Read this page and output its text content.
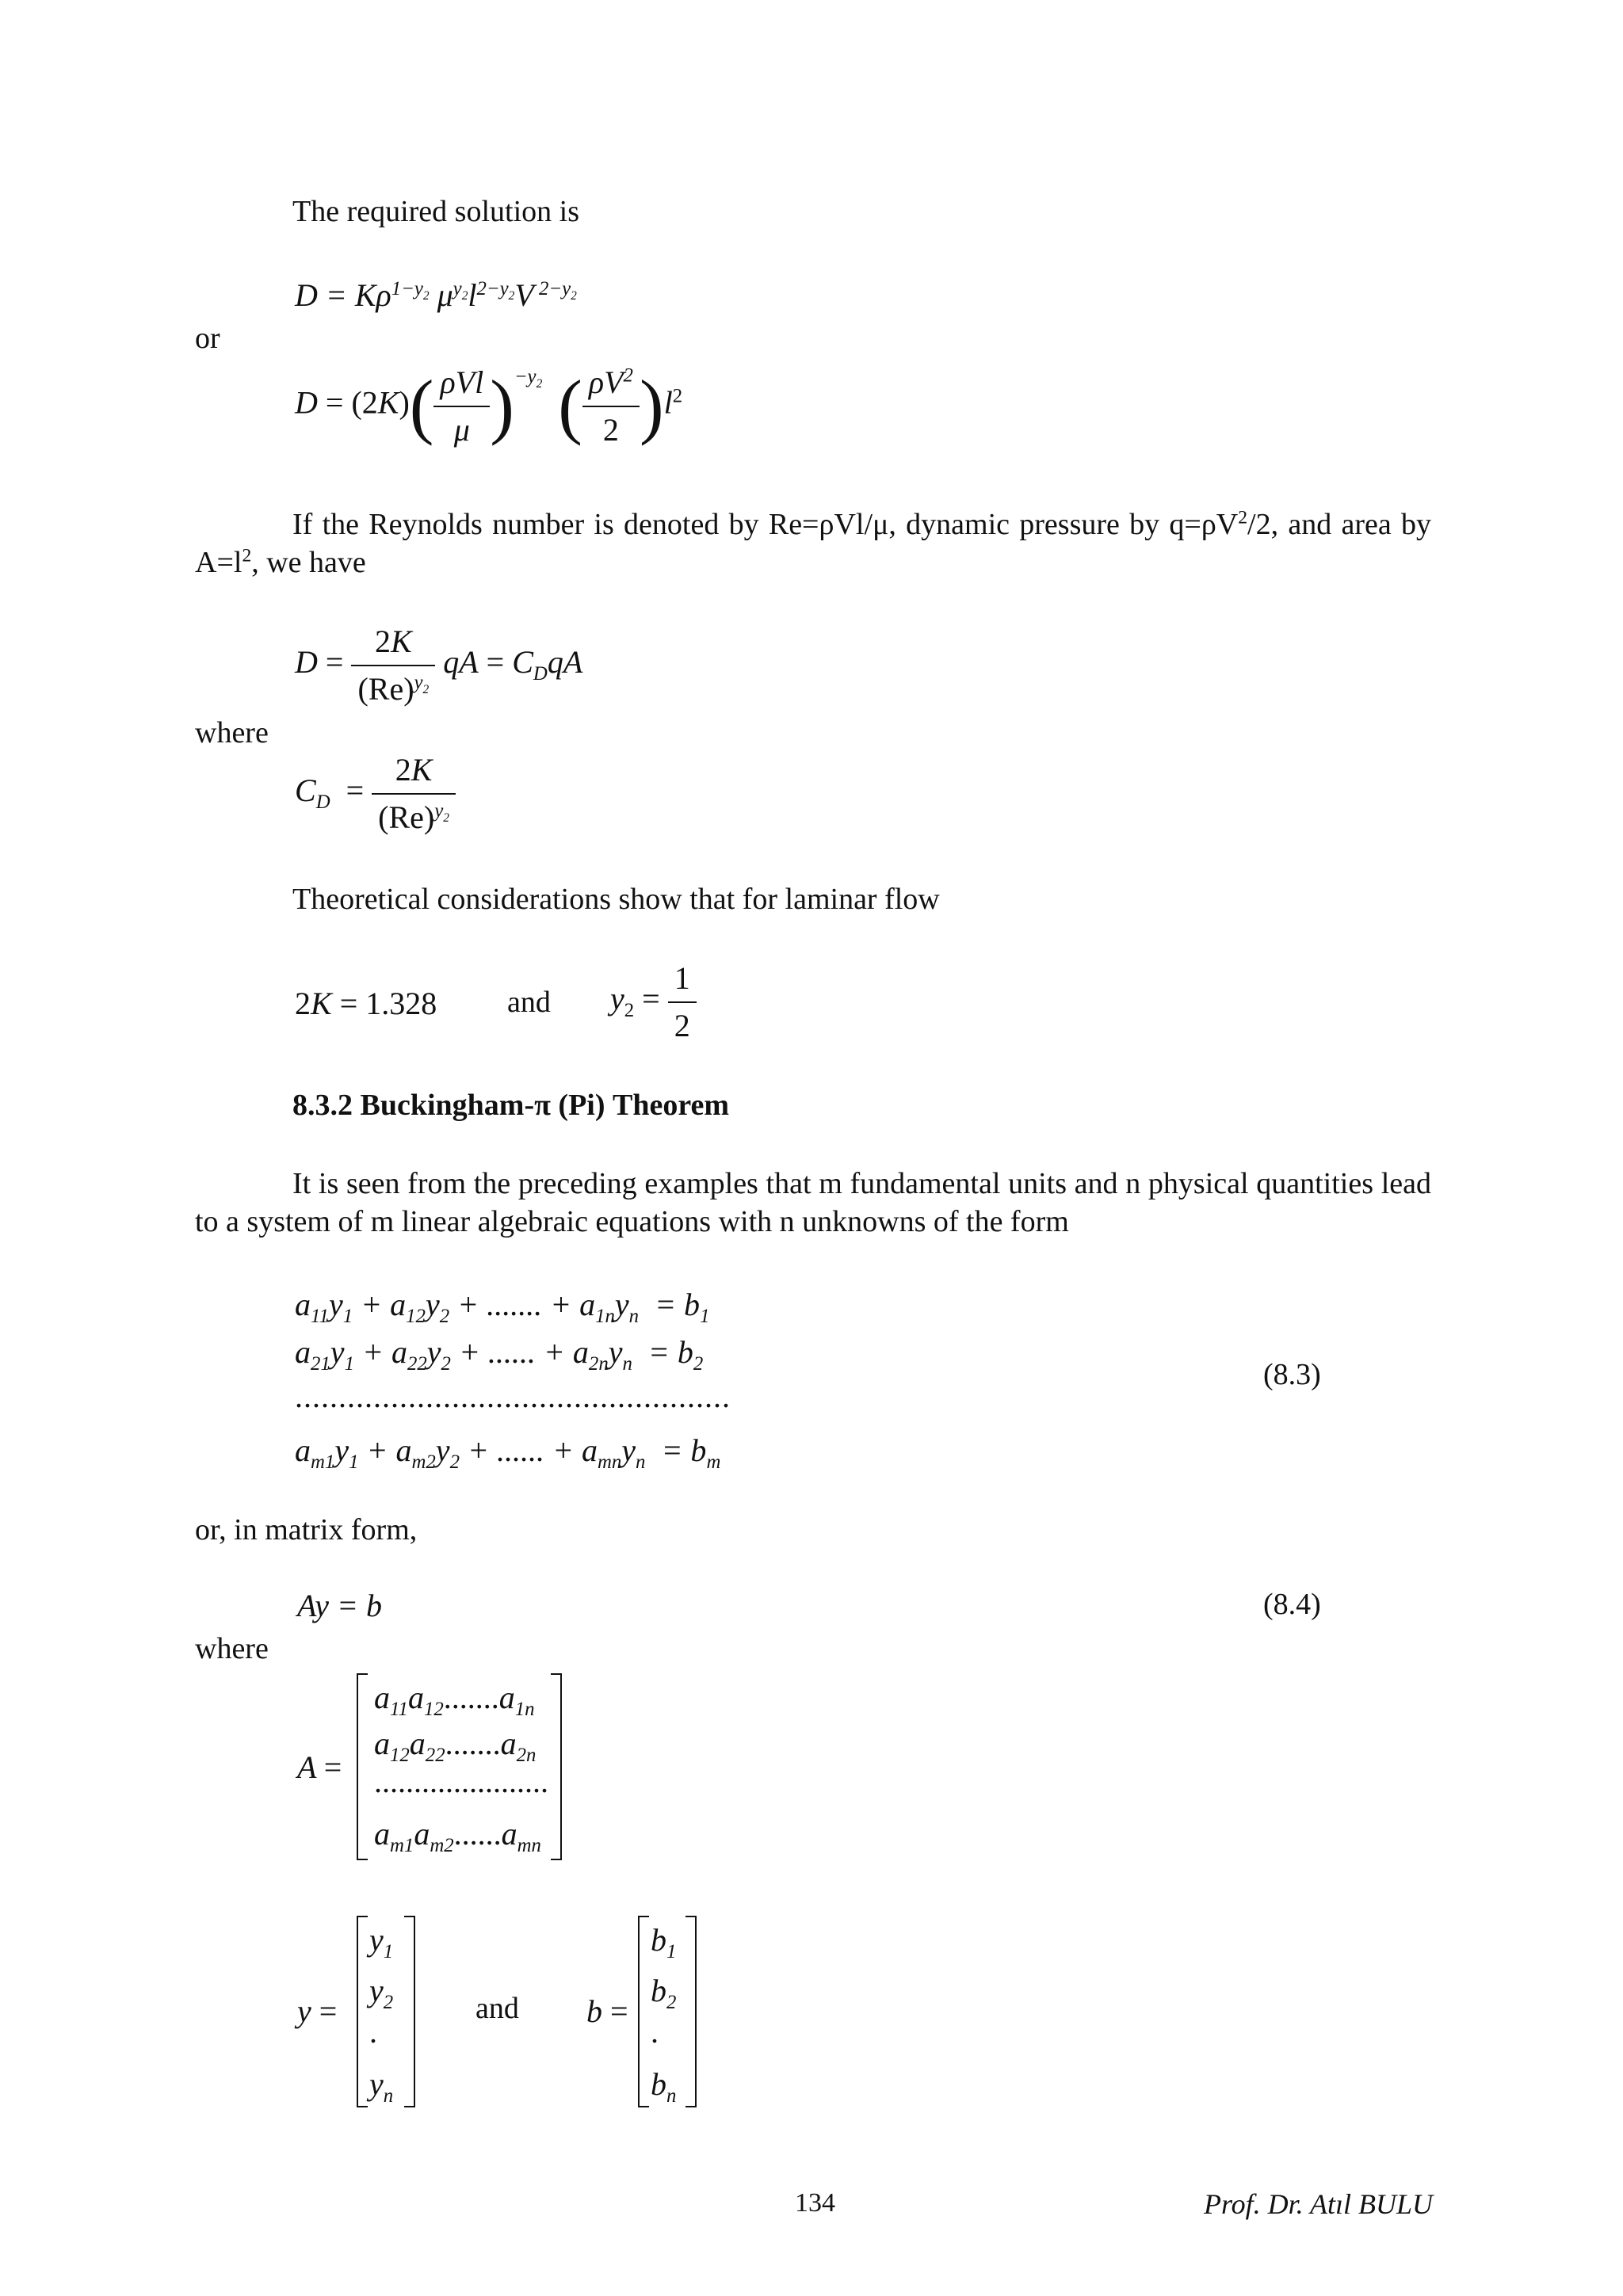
The required solution is
$D = K\rho^{1-y_2}$ $\mu^{y_2}l^{2-y_2}V$ $^{2-y_2}$
or
$D = (2K)( \frac{\text{ρVl}}{\mu} )^{-y_2}$ ( $\frac{\rho V^2}{2} )l^2$
If the Reynolds number is denoted by Re=ρVl/μ, dynamic pressure by $q=\rho V^2/2$, and area by $A=l^2$, we have
$D = \frac{2K}{(Re)^{y_2}}$ qA = $C_DqA$
where
$C_D = \frac{2K}{(Re)^{y_2}}$
Theoretical considerations show that for laminar flow
2K = 1.328 and $y_2 = \frac{1}{2}$
8.3.2 Buckingham-π (Pi) Theorem
It is seen from the preceding examples that m fundamental units and n physical quantities lead to a system of m linear algebraic equations with n unknowns of the form
$a_{11}y_1 + a_{12}y_2$ + ....... + $a_{1n}y_n = b_1$
$a_{21}y_1 + a_{22}y_2$ + ...... + $a_{2n}y_n = b_2$
..................................................
$a_{m1}y_1 + a_{m2}y_2$ + ...... + $a_{mn}y_n = b_m$
(8.3)
or, in matrix form,
Ay = b	(8.4)
where
A =
$a_{11}a_{12}.......a_{1n}$
$a_{12}a_{22}.......a_{2n}$
......................
$a_{m1}a_{m2}......a_{mn}$
y =
$y_1$
$y_2$
.
$y_n$
and b =
$b_1$
$b_2$
.
$b_n$
134	Prof. Dr. Atıl BULU
